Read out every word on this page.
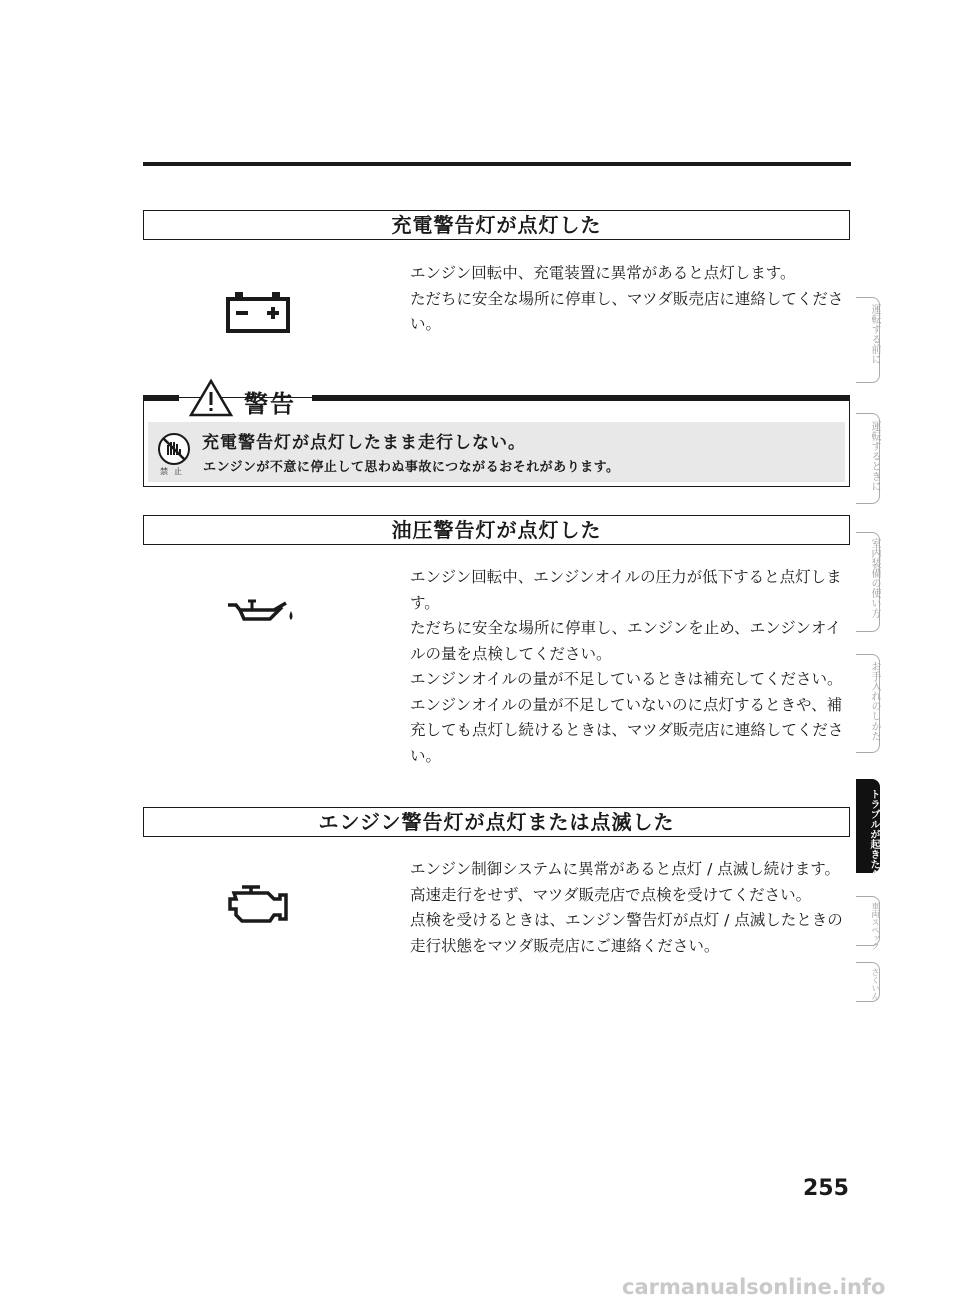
充電警告灯が点灯した

エンジン回転中、充電装置に異常があると点灯します。

ただちに安全な場所に停車し、マツダ販売店に連絡してください。

警告
禁止
充電警告灯が点灯したまま走行しない。
エンジンが不意に停止して思わぬ事故につながるおそれがあります。
油圧警告灯が点灯した

エンジン回転中、エンジンオイルの圧力が低下すると点灯します。

ただちに安全な場所に停車し、エンジンを止め、エンジンオイルの量を点検してください。

エンジンオイルの量が不足しているときは補充してください。

エンジンオイルの量が不足していないのに点灯するときや、補充しても点灯し続けるときは、マツダ販売店に連絡してください。

エンジン警告灯が点灯または点滅した

エンジン制御システムに異常があると点灯 / 点滅し続けます。

高速走行をせず、マツダ販売店で点検を受けてください。

点検を受けるときは、エンジン警告灯が点灯 / 点滅したときの走行状態をマツダ販売店にご連絡ください。

運転する前に
運転するときに
室内装備の使い方
お手入れのしかた
トラブルが起きたら
車両スペック
さくいん
255
carmanualsonline.info
